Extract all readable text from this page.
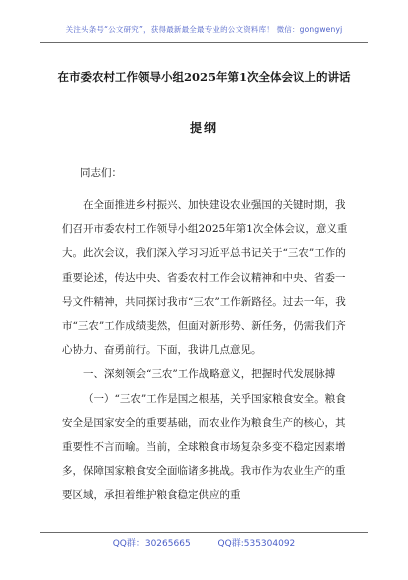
关注头条号“公文研究”，获得最新最全最专业的公文资料库！ 微信：gongwenyj
在市委农村工作领导小组2025年第1次全体会议上的讲话
提纲
同志们：

在全面推进乡村振兴、加快建设农业强国的关键时期，我们召开市委农村工作领导小组2025年第1次全体会议，意义重大。此次会议，我们深入学习习近平总书记关于“三农”工作的重要论述，传达中央、省委农村工作会议精神和中央、省委一号文件精神，共同探讨我市“三农”工作新路径。过去一年，我市“三农”工作成绩斐然，但面对新形势、新任务，仍需我们齐心协力、奋勇前行。下面，我讲几点意见。

一、深刻领会“三农”工作战略意义，把握时代发展脉搏

（一）“三农”工作是国之根基，关乎国家粮食安全。粮食安全是国家安全的重要基础，而农业作为粮食生产的核心，其重要性不言而喻。当前，全球粮食市场复杂多变不稳定因素增多，保障国家粮食安全面临诸多挑战。我市作为农业生产的重要区域，承担着维护粮食稳定供应的重

QQ群：30265665	QQ群:535304092
